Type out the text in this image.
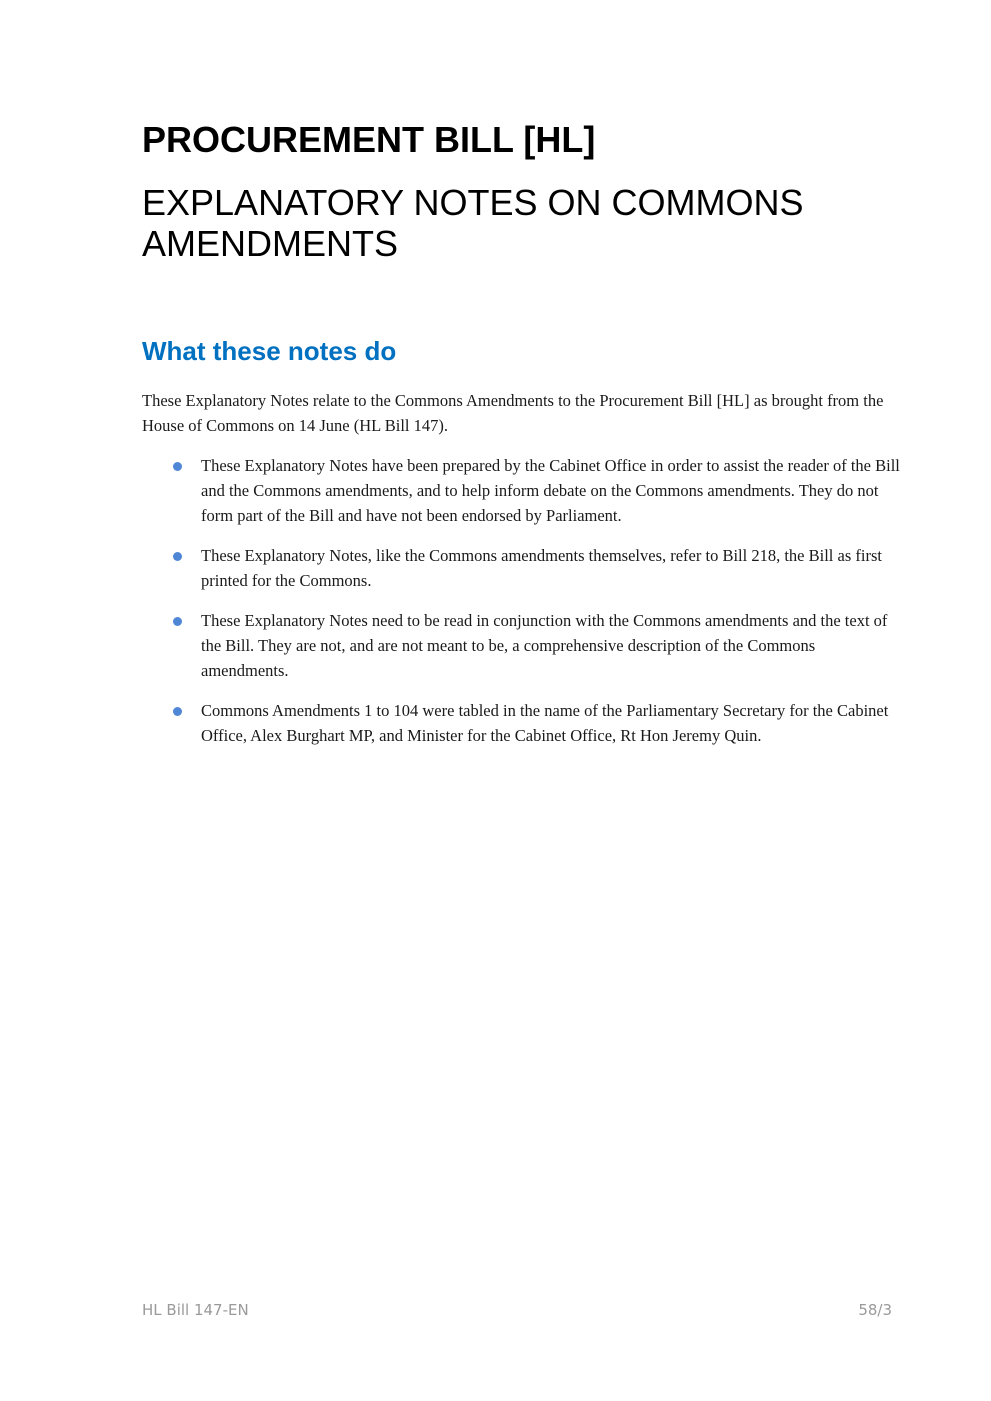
PROCUREMENT BILL [HL]
EXPLANATORY NOTES ON COMMONS AMENDMENTS
What these notes do

These Explanatory Notes relate to the Commons Amendments to the Procurement Bill [HL] as brought from the House of Commons on 14 June (HL Bill 147).

These Explanatory Notes have been prepared by the Cabinet Office in order to assist the reader of the Bill and the Commons amendments, and to help inform debate on the Commons amendments. They do not form part of the Bill and have not been endorsed by Parliament.
These Explanatory Notes, like the Commons amendments themselves, refer to Bill 218, the Bill as first printed for the Commons.
These Explanatory Notes need to be read in conjunction with the Commons amendments and the text of the Bill. They are not, and are not meant to be, a comprehensive description of the Commons amendments.
Commons Amendments 1 to 104 were tabled in the name of the Parliamentary Secretary for the Cabinet Office, Alex Burghart MP, and Minister for the Cabinet Office, Rt Hon Jeremy Quin.
HL Bill 147-EN	58/3
